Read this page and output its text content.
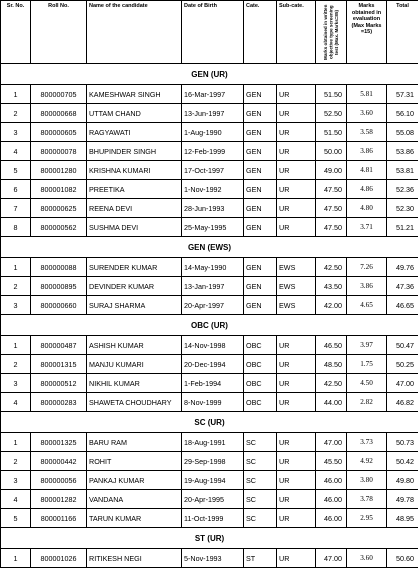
Sr. No.	Roll No.	Name of the candidate	Date of Birth	Cate.	Sub-cate.	Marks obtained in written objective type screening test (Max. Marks=85)	Marks obtained in evaluation (Max Marks =15)	Total
GEN (UR)								
1	800000705	KAMESHWAR SINGH	16-Mar-1997	GEN	UR	51.50	5.81	57.31
2	800000668	UTTAM CHAND	13-Jun-1997	GEN	UR	52.50	3.60	56.10
3	800000605	RAGYAWATI	1-Aug-1990	GEN	UR	51.50	3.58	55.08
4	800000078	BHUPINDER SINGH	12-Feb-1999	GEN	UR	50.00	3.86	53.86
5	800001280	KRISHNA KUMARI	17-Oct-1997	GEN	UR	49.00	4.81	53.81
6	800001082	PREETIKA	1-Nov-1992	GEN	UR	47.50	4.86	52.36
7	800000625	REENA DEVI	28-Jun-1993	GEN	UR	47.50	4.80	52.30
8	800000562	SUSHMA DEVI	25-May-1995	GEN	UR	47.50	3.71	51.21
GEN (EWS)								
1	800000088	SURENDER KUMAR	14-May-1990	GEN	EWS	42.50	7.26	49.76
2	800000895	DEVINDER KUMAR	13-Jan-1997	GEN	EWS	43.50	3.86	47.36
3	800000660	SURAJ SHARMA	20-Apr-1997	GEN	EWS	42.00	4.65	46.65
OBC (UR)								
1	800000487	ASHISH KUMAR	14-Nov-1998	OBC	UR	46.50	3.97	50.47
2	800001315	MANJU KUMARI	20-Dec-1994	OBC	UR	48.50	1.75	50.25
3	800000512	NIKHIL KUMAR	1-Feb-1994	OBC	UR	42.50	4.50	47.00
4	800000283	SHAWETA CHOUDHARY	8-Nov-1999	OBC	UR	44.00	2.82	46.82
SC (UR)								
1	800001325	BARU RAM	18-Aug-1991	SC	UR	47.00	3.73	50.73
2	800000442	ROHIT	29-Sep-1998	SC	UR	45.50	4.92	50.42
3	800000056	PANKAJ KUMAR	19-Aug-1994	SC	UR	46.00	3.80	49.80
4	800001282	VANDANA	20-Apr-1995	SC	UR	46.00	3.78	49.78
5	800001166	TARUN KUMAR	11-Oct-1999	SC	UR	46.00	2.95	48.95
ST (UR)								
1	800001026	RITIKESH NEGI	5-Nov-1993	ST	UR	47.00	3.60	50.60
